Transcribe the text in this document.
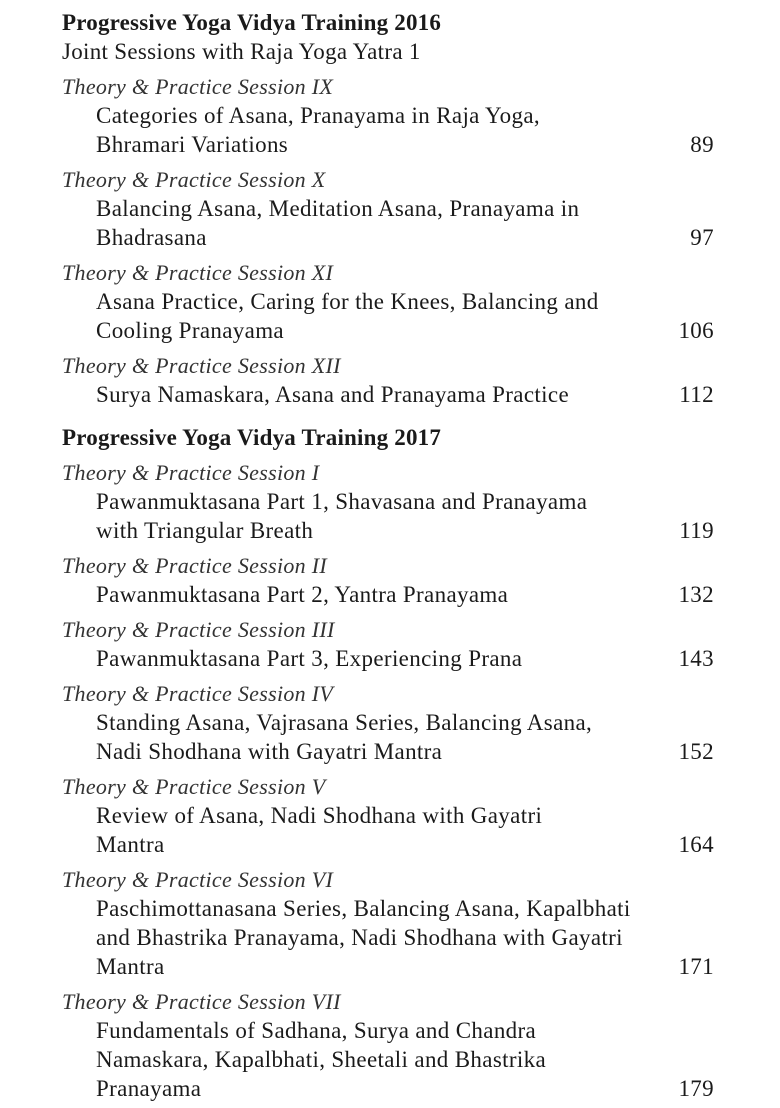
Progressive Yoga Vidya Training 2016
Joint Sessions with Raja Yoga Yatra 1
Theory & Practice Session IX
Categories of Asana, Pranayama in Raja Yoga,
Bhramari Variations	89
Theory & Practice Session X
Balancing Asana, Meditation Asana, Pranayama in
Bhadrasana	97
Theory & Practice Session XI
Asana Practice, Caring for the Knees, Balancing and
Cooling Pranayama	106
Theory & Practice Session XII
Surya Namaskara, Asana and Pranayama Practice	112
Progressive Yoga Vidya Training 2017
Theory & Practice Session I
Pawanmuktasana Part 1, Shavasana and Pranayama
with Triangular Breath	119
Theory & Practice Session II
Pawanmuktasana Part 2, Yantra Pranayama	132
Theory & Practice Session III
Pawanmuktasana Part 3, Experiencing Prana	143
Theory & Practice Session IV
Standing Asana, Vajrasana Series, Balancing Asana,
Nadi Shodhana with Gayatri Mantra	152
Theory & Practice Session V
Review of Asana, Nadi Shodhana with Gayatri
Mantra	164
Theory & Practice Session VI
Paschimottanasana Series, Balancing Asana, Kapalbhati
and Bhastrika Pranayama, Nadi Shodhana with Gayatri
Mantra	171
Theory & Practice Session VII
Fundamentals of Sadhana, Surya and Chandra
Namaskara, Kapalbhati, Sheetali and Bhastrika
Pranayama	179
